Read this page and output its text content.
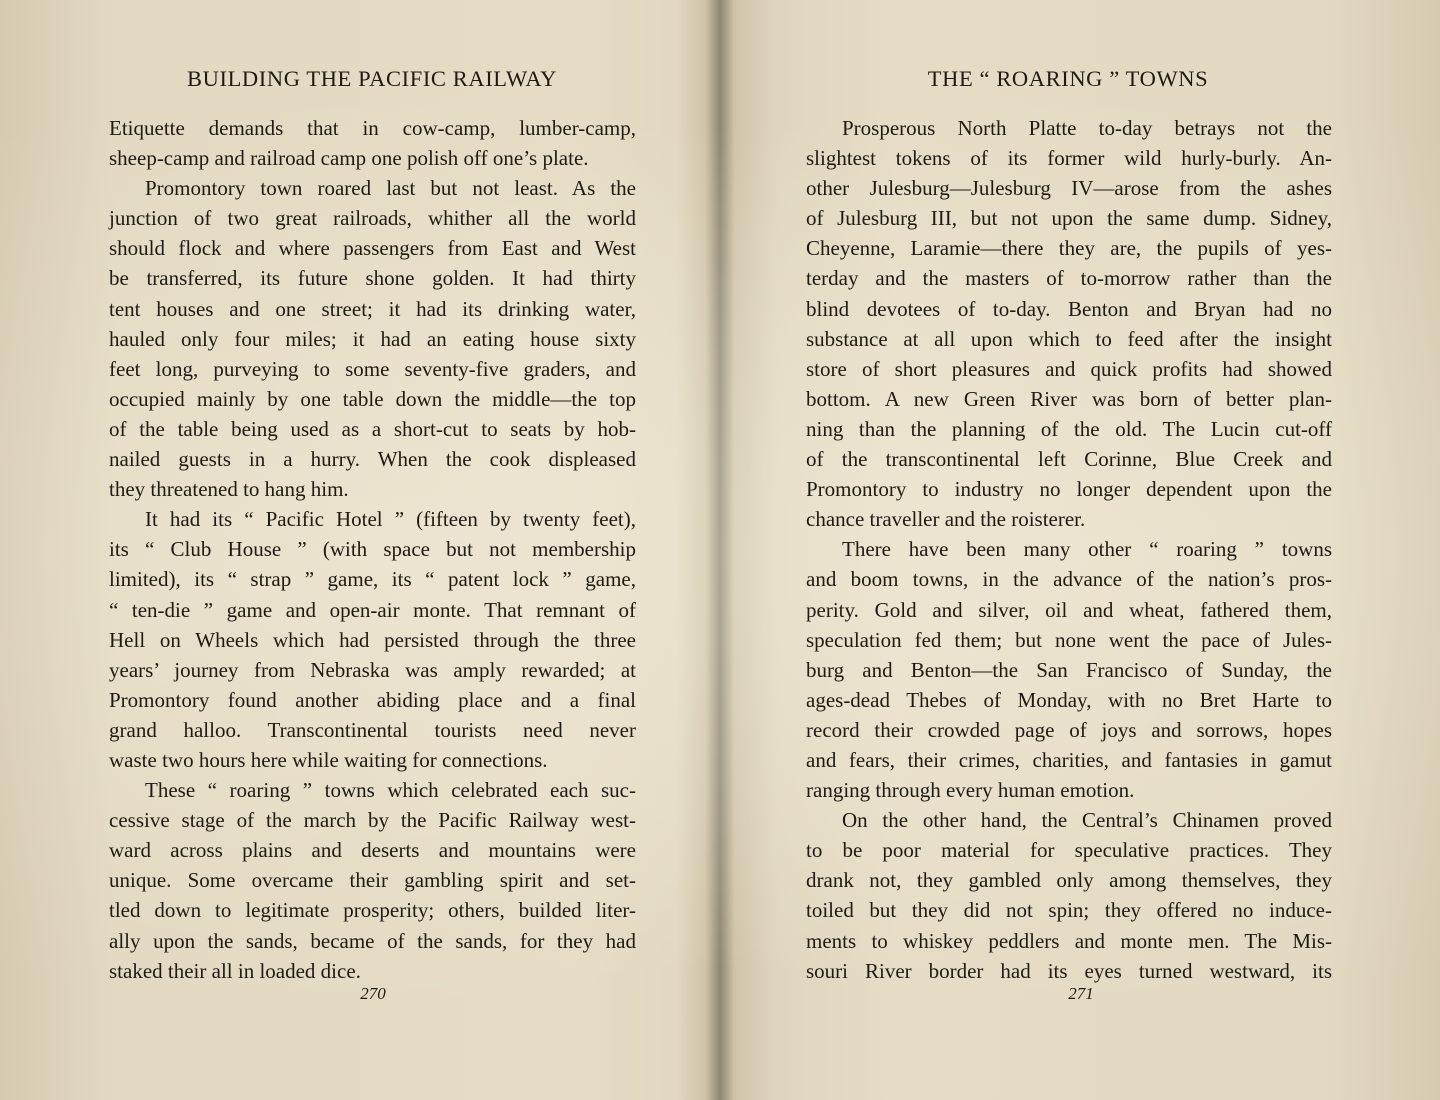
BUILDING THE PACIFIC RAILWAY
Etiquette demands that in cow-camp, lumber-camp,
sheep-camp and railroad camp one polish off one’s plate.
Promontory town roared last but not least. As the
junction of two great railroads, whither all the world
should flock and where passengers from East and West
be transferred, its future shone golden. It had thirty
tent houses and one street; it had its drinking water,
hauled only four miles; it had an eating house sixty
feet long, purveying to some seventy-five graders, and
occupied mainly by one table down the middle—the top
of the table being used as a short-cut to seats by hob-
nailed guests in a hurry. When the cook displeased
they threatened to hang him.
It had its “ Pacific Hotel ” (fifteen by twenty feet),
its “ Club House ” (with space but not membership
limited), its “ strap ” game, its “ patent lock ” game,
“ ten-die ” game and open-air monte. That remnant of
Hell on Wheels which had persisted through the three
years’ journey from Nebraska was amply rewarded; at
Promontory found another abiding place and a final
grand halloo. Transcontinental tourists need never
waste two hours here while waiting for connections.
These “ roaring ” towns which celebrated each suc-
cessive stage of the march by the Pacific Railway west-
ward across plains and deserts and mountains were
unique. Some overcame their gambling spirit and set-
tled down to legitimate prosperity; others, builded liter-
ally upon the sands, became of the sands, for they had
staked their all in loaded dice.
270
THE “ ROARING ” TOWNS
Prosperous North Platte to-day betrays not the
slightest tokens of its former wild hurly-burly. An-
other Julesburg—Julesburg IV—arose from the ashes
of Julesburg III, but not upon the same dump. Sidney,
Cheyenne, Laramie—there they are, the pupils of yes-
terday and the masters of to-morrow rather than the
blind devotees of to-day. Benton and Bryan had no
substance at all upon which to feed after the insight
store of short pleasures and quick profits had showed
bottom. A new Green River was born of better plan-
ning than the planning of the old. The Lucin cut-off
of the transcontinental left Corinne, Blue Creek and
Promontory to industry no longer dependent upon the
chance traveller and the roisterer.
There have been many other “ roaring ” towns
and boom towns, in the advance of the nation’s pros-
perity. Gold and silver, oil and wheat, fathered them,
speculation fed them; but none went the pace of Jules-
burg and Benton—the San Francisco of Sunday, the
ages-dead Thebes of Monday, with no Bret Harte to
record their crowded page of joys and sorrows, hopes
and fears, their crimes, charities, and fantasies in gamut
ranging through every human emotion.
On the other hand, the Central’s Chinamen proved
to be poor material for speculative practices. They
drank not, they gambled only among themselves, they
toiled but they did not spin; they offered no induce-
ments to whiskey peddlers and monte men. The Mis-
souri River border had its eyes turned westward, its
271
